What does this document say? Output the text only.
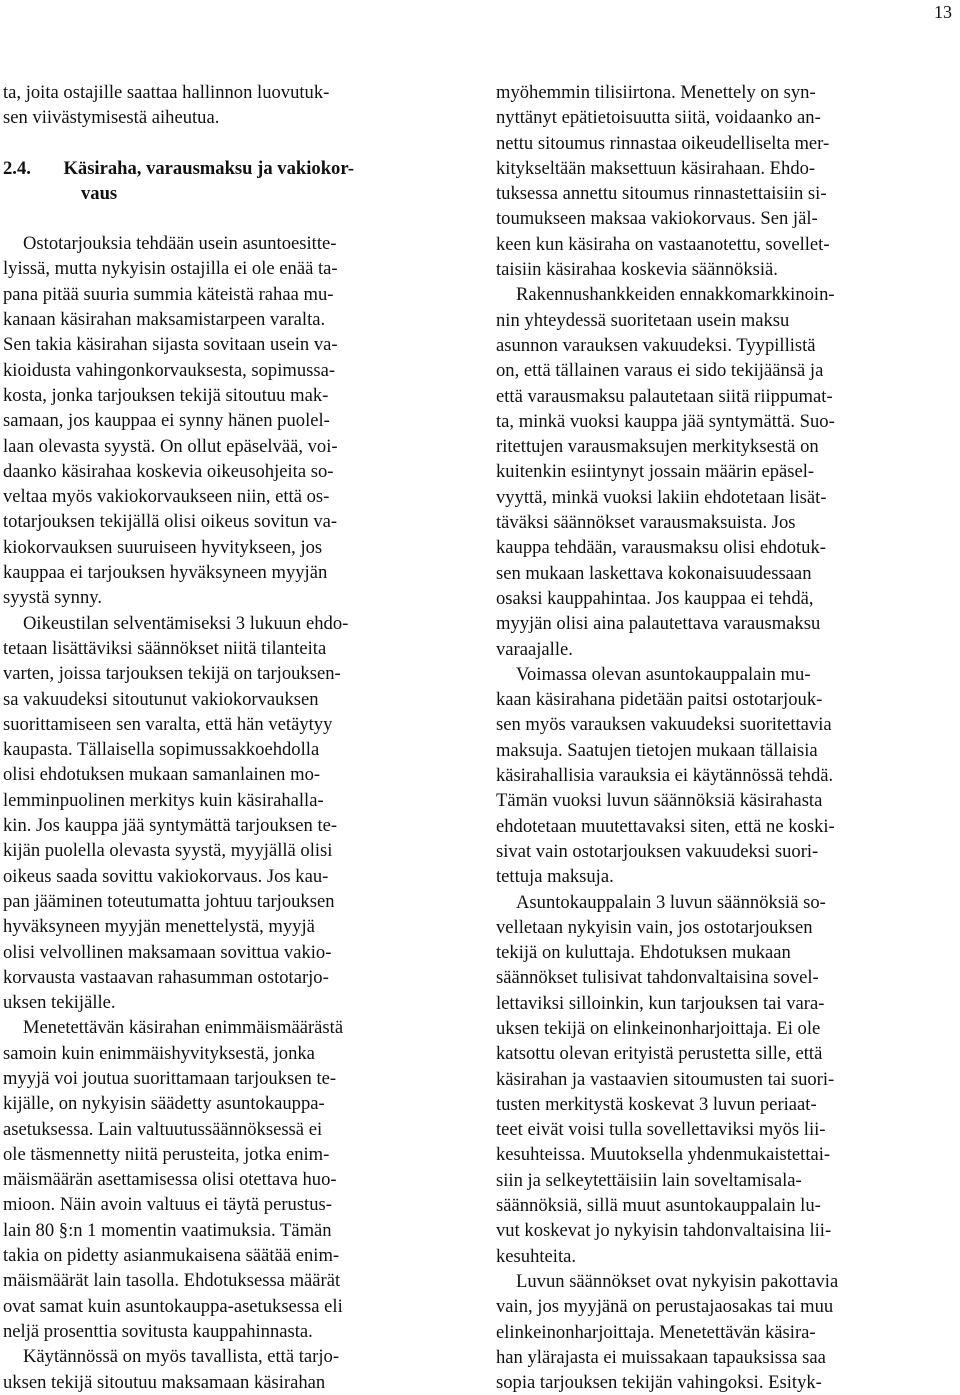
13
ta, joita ostajille saattaa hallinnon luovutuk-
sen viivästymisestä aiheutua.
2.4. Käsiraha, varausmaksu ja vakiokor-
vaus
Ostotarjouksia tehdään usein asuntoesitte-
lyissä, mutta nykyisin ostajilla ei ole enää ta-
pana pitää suuria summia käteistä rahaa mu-
kanaan käsirahan maksamistarpeen varalta.
Sen takia käsirahan sijasta sovitaan usein va-
kioidusta vahingonkorvauksesta, sopimussa-
kosta, jonka tarjouksen tekijä sitoutuu mak-
samaan, jos kauppaa ei synny hänen puolel-
laan olevasta syystä. On ollut epäselvää, voi-
daanko käsirahaa koskevia oikeusohjeita so-
veltaa myös vakiokorvaukseen niin, että os-
totarjouksen tekijällä olisi oikeus sovitun va-
kiokorvauksen suuruiseen hyvitykseen, jos
kauppaa ei tarjouksen hyväksyneen myyjän
syystä synny.
Oikeustilan selventämiseksi 3 lukuun ehdo-
tetaan lisättäviksi säännökset niitä tilanteita
varten, joissa tarjouksen tekijä on tarjouksen-
sa vakuudeksi sitoutunut vakiokorvauksen
suorittamiseen sen varalta, että hän vetäytyy
kaupasta. Tällaisella sopimussakkoehdolla
olisi ehdotuksen mukaan samanlainen mo-
lemminpuolinen merkitys kuin käsirahalla-
kin. Jos kauppa jää syntymättä tarjouksen te-
kijän puolella olevasta syystä, myyjällä olisi
oikeus saada sovittu vakiokorvaus. Jos kau-
pan jääminen toteutumatta johtuu tarjouksen
hyväksyneen myyjän menettelystä, myyjä
olisi velvollinen maksamaan sovittua vakio-
korvausta vastaavan rahasumman ostotarjo-
uksen tekijälle.
Menetettävän käsirahan enimmäismäärästä
samoin kuin enimmäishyvityksestä, jonka
myyjä voi joutua suorittamaan tarjouksen te-
kijälle, on nykyisin säädetty asuntokauppa-
asetuksessa. Lain valtuutussäännöksessä ei
ole täsmennetty niitä perusteita, jotka enim-
mäismäärän asettamisessa olisi otettava huo-
mioon. Näin avoin valtuus ei täytä perustus-
lain 80 §:n 1 momentin vaatimuksia. Tämän
takia on pidetty asianmukaisena säätää enim-
mäismäärät lain tasolla. Ehdotuksessa määrät
ovat samat kuin asuntokauppa-asetuksessa eli
neljä prosenttia sovitusta kauppahinnasta.
Käytännössä on myös tavallista, että tarjo-
uksen tekijä sitoutuu maksamaan käsirahan
myöhemmin tilisiirtona. Menettely on syn-
nyttänyt epätietoisuutta siitä, voidaanko an-
nettu sitoumus rinnastaa oikeudelliselta mer-
kitykseltään maksettuun käsirahaan. Ehdo-
tuksessa annettu sitoumus rinnastettaisiin si-
toumukseen maksaa vakiokorvaus. Sen jäl-
keen kun käsiraha on vastaanotettu, sovellet-
taisiin käsirahaa koskevia säännöksiä.
Rakennushankkeiden ennakkomarkkinoin-
nin yhteydessä suoritetaan usein maksu
asunnon varauksen vakuudeksi. Tyypillistä
on, että tällainen varaus ei sido tekijäänsä ja
että varausmaksu palautetaan siitä riippumat-
ta, minkä vuoksi kauppa jää syntymättä. Suo-
ritettujen varausmaksujen merkityksestä on
kuitenkin esiintynyt jossain määrin epäsel-
vyyttä, minkä vuoksi lakiin ehdotetaan lisät-
täväksi säännökset varausmaksuista. Jos
kauppa tehdään, varausmaksu olisi ehdotuk-
sen mukaan laskettava kokonaisuudessaan
osaksi kauppahintaa. Jos kauppaa ei tehdä,
myyjän olisi aina palautettava varausmaksu
varaajalle.
Voimassa olevan asuntokauppalain mu-
kaan käsirahana pidetään paitsi ostotarjouk-
sen myös varauksen vakuudeksi suoritettavia
maksuja. Saatujen tietojen mukaan tällaisia
käsirahallisia varauksia ei käytännössä tehdä.
Tämän vuoksi luvun säännöksiä käsirahasta
ehdotetaan muutettavaksi siten, että ne koski-
sivat vain ostotarjouksen vakuudeksi suori-
tettuja maksuja.
Asuntokauppalain 3 luvun säännöksiä so-
velletaan nykyisin vain, jos ostotarjouksen
tekijä on kuluttaja. Ehdotuksen mukaan
säännökset tulisivat tahdonvaltaisina sovel-
lettaviksi silloinkin, kun tarjouksen tai vara-
uksen tekijä on elinkeinonharjoittaja. Ei ole
katsottu olevan erityistä perustetta sille, että
käsirahan ja vastaavien sitoumusten tai suori-
tusten merkitystä koskevat 3 luvun periaat-
teet eivät voisi tulla sovellettaviksi myös lii-
kesuhteissa. Muutoksella yhdenmukaistettai-
siin ja selkeytettäisiin lain soveltamisala-
säännöksiä, sillä muut asuntokauppalain lu-
vut koskevat jo nykyisin tahdonvaltaisina lii-
kesuhteita.
Luvun säännökset ovat nykyisin pakottavia
vain, jos myyjänä on perustajaosakas tai muu
elinkeinonharjoittaja. Menetettävän käsira-
han ylärajasta ei muissakaan tapauksissa saa
sopia tarjouksen tekijän vahingoksi. Esityk-
